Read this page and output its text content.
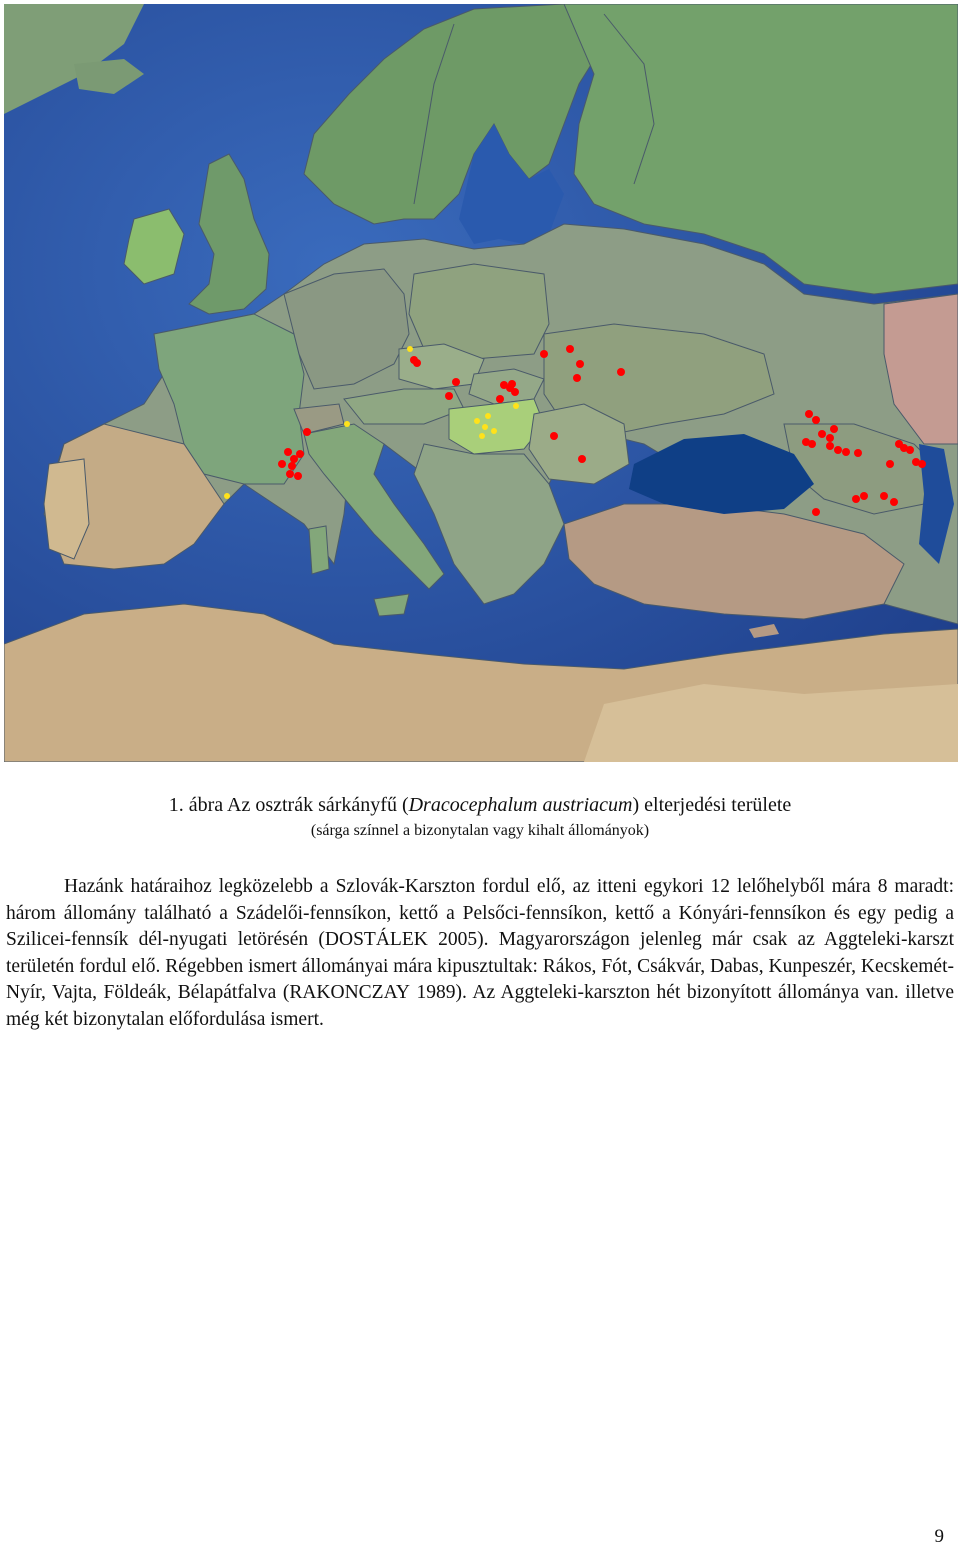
1. ábra Az osztrák sárkányfű (Dracocephalum austriacum) elterjedési területe
(sárga színnel a bizonytalan vagy kihalt állományok)

Hazánk határaihoz legközelebb a Szlovák-Karszton fordul elő, az itteni egykori 12 lelőhelyből mára 8 maradt: három állomány található a Szádelői-fennsíkon, kettő a Pelsőci-fennsíkon, kettő a Kónyári-fennsíkon és egy pedig a Szilicei-fennsík dél-nyugati letörésén (DOSTÁLEK 2005). Magyarországon jelenleg már csak az Aggteleki-karszt területén fordul elő. Régebben ismert állományai mára kipusztultak: Rákos, Fót, Csákvár, Dabas, Kunpeszér, Kecskemét-Nyír, Vajta, Földeák, Bélapátfalva (RAKONCZAY 1989). Az Aggteleki-karszton hét bizonyított állománya van. illetve még két bizonytalan előfordulása ismert.

9
